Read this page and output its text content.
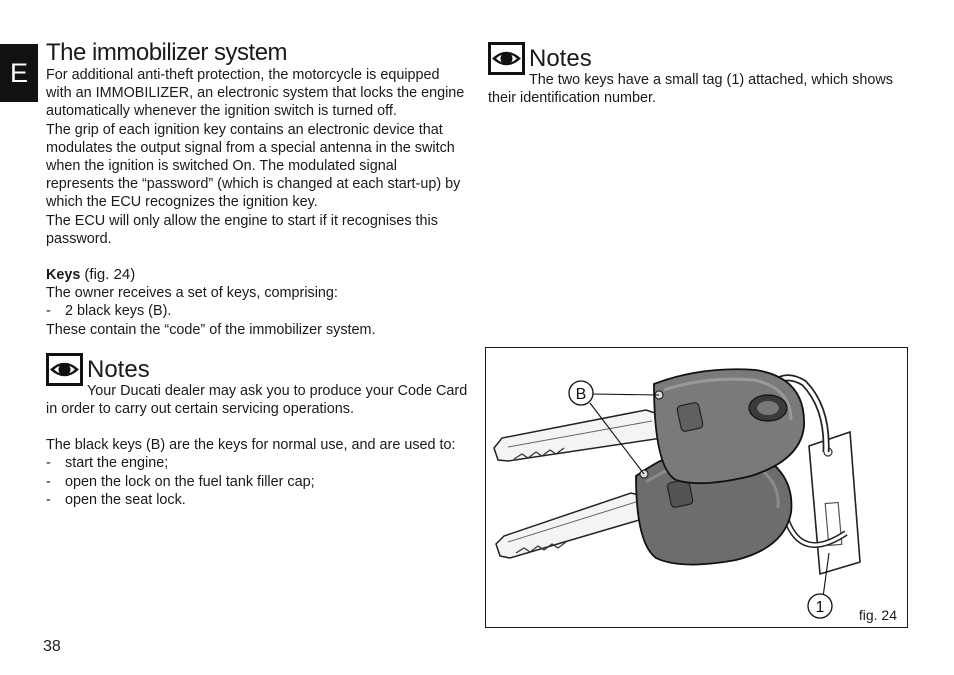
E
The immobilizer system

For additional anti-theft protection, the motorcycle is equipped with an IMMOBILIZER, an electronic system that locks the engine automatically whenever the ignition switch is turned off.

The grip of each ignition key contains an electronic device that modulates the output signal from a special antenna in the switch when the ignition is switched On. The modulated signal represents the “password” (which is changed at each start-up) by which the ECU recognizes the ignition key.

The ECU will only allow the engine to start if it recognises this password.

Keys (fig. 24)

The owner receives a set of keys, comprising:

- 2 black keys (B).

These contain the “code” of the immobilizer system.

Notes

Your Ducati dealer may ask you to produce your Code Card in order to carry out certain servicing operations.

The black keys (B) are the keys for normal use, and are used to:

- start the engine;

- open the lock on the fuel tank filler cap;

- open the seat lock.

Notes

The two keys have a small tag (1) attached, which shows their identification number.

B
1 fig. 24
38
